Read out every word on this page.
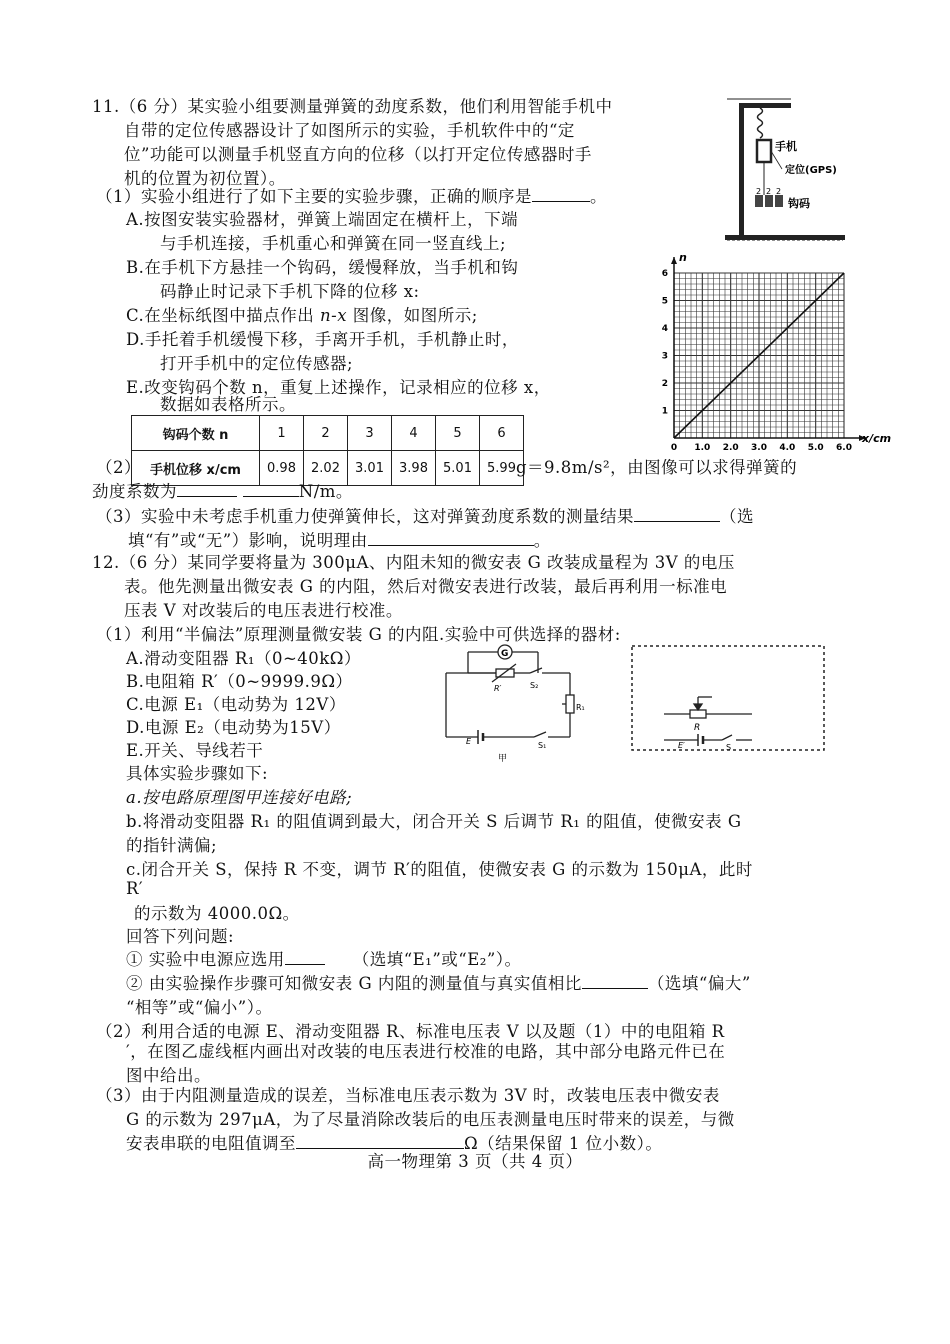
11.（6 分）某实验小组要测量弹簧的劲度系数，他们利用智能手机中
自带的定位传感器设计了如图所示的实验，手机软件中的“定
位”功能可以测量手机竖直方向的位移（以打开定位传感器时手
机的位置为初位置）。
（1）实验小组进行了如下主要的实验步骤，正确的顺序是	。
A.按图安装实验器材，弹簧上端固定在横杆上，下端
与手机连接，手机重心和弹簧在同一竖直线上;
B.在手机下方悬挂一个钩码，缓慢释放，当手机和钩
码静止时记录下手机下降的位移 x:
C.在坐标纸图中描点作出 n-x 图像，如图所示;
D.手托着手机缓慢下移，手离开手机，手机静止时，
打开手机中的定位传感器;
E.改变钩码个数 n，重复上述操作，记录相应的位移 x，
数据如表格所示。
钩码个数 n	1	2	3	4	5	6
手机位移 x/cm	0.98	2.02	3.01	3.98	5.01	5.99
（2）	g＝9.8m/s²，由图像可以求得弹簧的
劲度系数为	N/m。
（3）实验中未考虑手机重力使弹簧伸长，这对弹簧劲度系数的测量结果	（选
填“有”或“无”）影响，说明理由	。
手机
定位(GPS)
2 2 2
钩码
0 1.0 2.0 3.0 4.0 5.0 6.0
1
2
3
4
5
6
x/cm
n
12.（6 分）某同学要将量为 300μA、内阻未知的微安表 G 改装成量程为 3V 的电压
表。他先测量出微安表 G 的内阻，然后对微安表进行改装，最后再利用一标准电
压表 V 对改装后的电压表进行校准。
（1）利用“半偏法”原理测量微安装 G 的内阻.实验中可供选择的器材:
A.滑动变阻器 R₁（0~40kΩ）
B.电阻箱 R′（0~9999.9Ω）
C.电源 E₁（电动势为 12V）
D.电源 E₂（电动势为15V）
E.开关、导线若干
具体实验步骤如下:
a.按电路原理图甲连接好电路;
b.将滑动变阻器 R₁ 的阻值调到最大，闭合开关 S 后调节 R₁ 的阻值，使微安表 G
的指针满偏;
c.闭合开关 S，保持 R 不变，调节 R′的阻值，使微安表 G 的示数为 150μA，此时
R′
的示数为 4000.0Ω。
回答下列问题:
① 实验中电源应选用	（选填“E₁”或“E₂”）。
② 由实验操作步骤可知微安表 G 内阻的测量值与真实值相比	（选填“偏大”
“相等”或“偏小”）。
（2）利用合适的电源 E、滑动变阻器 R、标准电压表 V 以及题（1）中的电阻箱 R
′，在图乙虚线框内画出对改装的电压表进行校准的电路，其中部分电路元件已在
图中给出。
（3）由于内阻测量造成的误差，当标准电压表示数为 3V 时，改装电压表中微安表
G 的示数为 297μA，为了尽量消除改装后的电压表测量电压时带来的误差，与微
安表串联的电阻值调至	Ω（结果保留 1 位小数）。
G
R′	S₂
R₁
E	S₁
甲
R
E′	S
高一物理第 3 页（共 4 页）
